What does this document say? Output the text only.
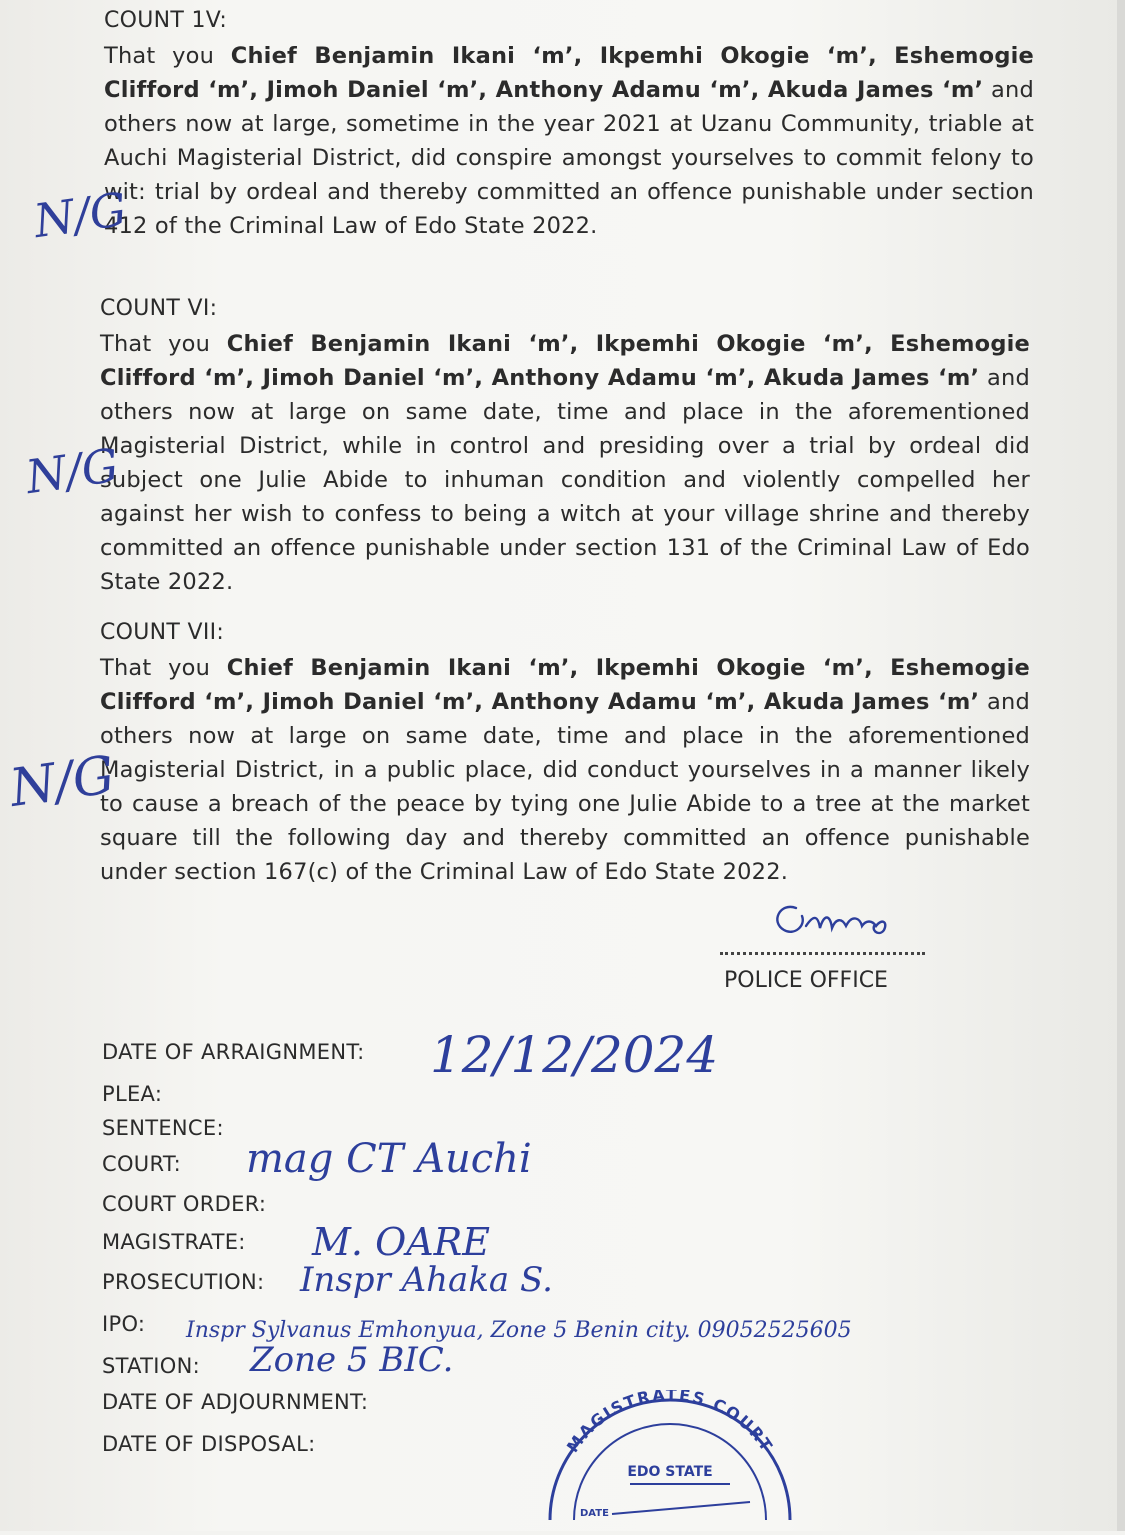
COUNT 1V:

That you Chief Benjamin Ikani ‘m’, Ikpemhi Okogie ‘m’, Eshemogie Clifford ‘m’, Jimoh Daniel ‘m’, Anthony Adamu ‘m’, Akuda James ‘m’ and others now at large, sometime in the year 2021 at Uzanu Community, triable at Auchi Magisterial District, did conspire amongst yourselves to commit felony to wit: trial by ordeal and thereby committed an offence punishable under section 412 of the Criminal Law of Edo State 2022.

COUNT VI:

That you Chief Benjamin Ikani ‘m’, Ikpemhi Okogie ‘m’, Eshemogie Clifford ‘m’, Jimoh Daniel ‘m’, Anthony Adamu ‘m’, Akuda James ‘m’ and others now at large on same date, time and place in the aforementioned Magisterial District, while in control and presiding over a trial by ordeal did subject one Julie Abide to inhuman condition and violently compelled her against her wish to confess to being a witch at your village shrine and thereby committed an offence punishable under section 131 of the Criminal Law of Edo State 2022.

COUNT VII:

That you Chief Benjamin Ikani ‘m’, Ikpemhi Okogie ‘m’, Eshemogie Clifford ‘m’, Jimoh Daniel ‘m’, Anthony Adamu ‘m’, Akuda James ‘m’ and others now at large on same date, time and place in the aforementioned Magisterial District, in a public place, did conduct yourselves in a manner likely to cause a breach of the peace by tying one Julie Abide to a tree at the market square till the following day and thereby committed an offence punishable under section 167(c) of the Criminal Law of Edo State 2022.

N/G
N/G
N/G
POLICE OFFICE
DATE OF ARRAIGNMENT:
PLEA:
SENTENCE:
COURT:
COURT ORDER:
MAGISTRATE:
PROSECUTION:
IPO:
STATION:
DATE OF ADJOURNMENT:
DATE OF DISPOSAL:
12/12/2024
mag CT Auchi
M. OARE
Inspr Ahaka S.
Inspr Sylvanus Emhonyua, Zone 5 Benin city. 09052525605
Zone 5 BIC.
MAGISTRATES COURT
EDO STATE
DATE
